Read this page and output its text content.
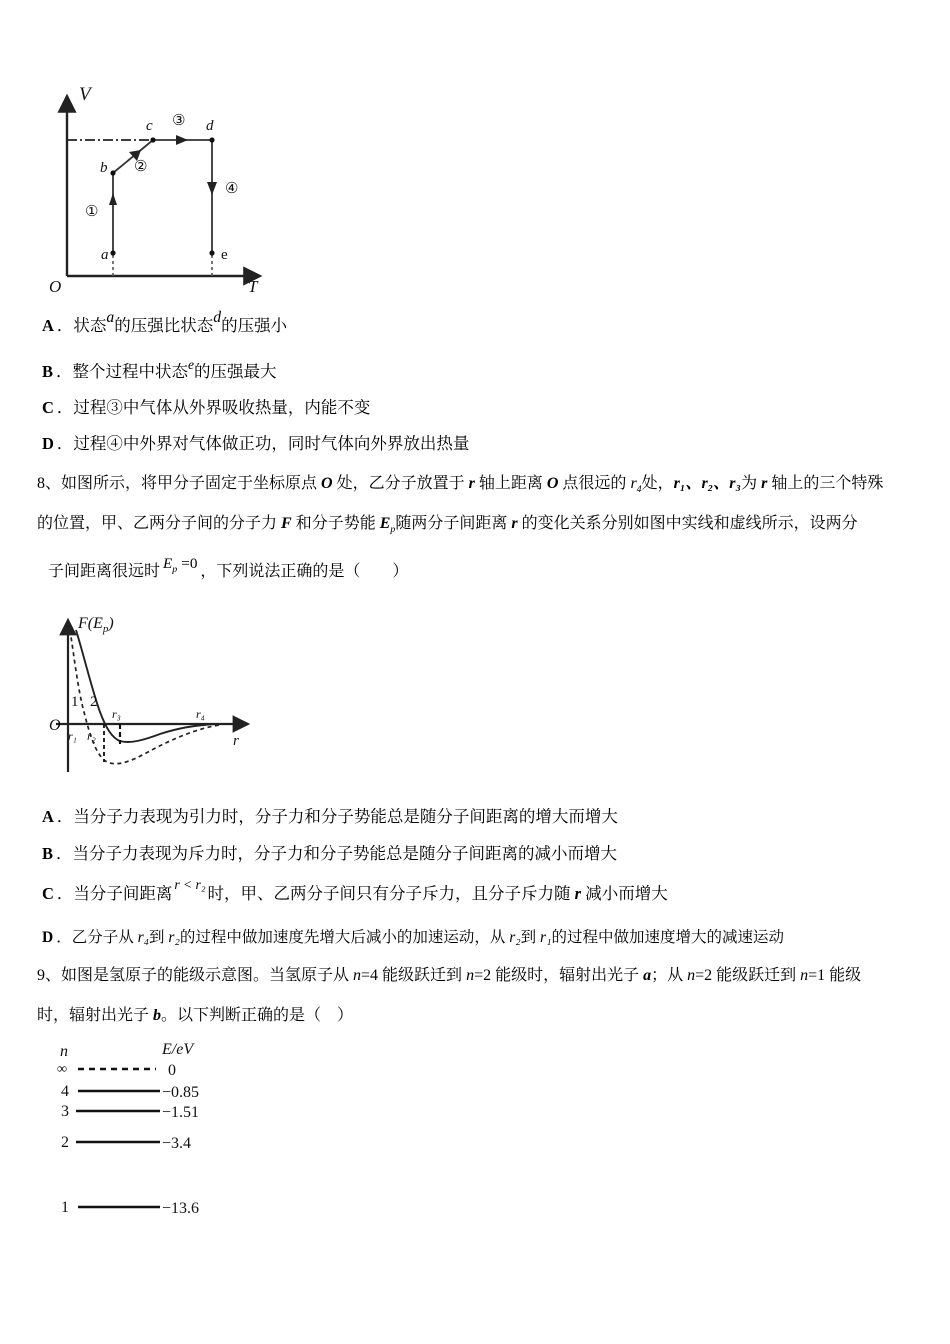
V
T
O
a
b
c	d
e
①
②
③
④
A ．状态a的压强比状态d的压强小
B ．整个过程中状态e的压强最大
C ．过程③中气体从外界吸收热量，内能不变
D ．过程④中外界对气体做正功，同时气体向外界放出热量
8、如图所示，将甲分子固定于坐标原点 O 处，乙分子放置于 r 轴上距离 O 点很远的 $r_4$处，r₁、r₂、r₃为 r 轴上的三个特殊
的位置，甲、乙两分子间的分子力 F 和分子势能 $E_p$随两分子间距离 r 的变化关系分别如图中实线和虚线所示，设两分
子间距离很远时 $E_p =0$ ，下列说法正确的是（　　）
$F(E_p)$
O
r
1 2
r₁ r₂
r₃	r₄
A ．当分子力表现为引力时，分子力和分子势能总是随分子间距离的增大而增大
B ．当分子力表现为斥力时，分子力和分子势能总是随分子间距离的减小而增大
C ．当分子间距离 r < r₂ 时，甲、乙两分子间只有分子斥力，且分子斥力随 r 减小而增大
D ．乙分子从 r₄到 r₂的过程中做加速度先增大后减小的加速运动，从 r₂到 r₁的过程中做加速度增大的减速运动
9、如图是氢原子的能级示意图。当氢原子从 n=4 能级跃迁到 n=2 能级时，辐射出光子 a；从 n=2 能级跃迁到 n=1 能级
时，辐射出光子 b。以下判断正确的是（　）
n	E/eV
∞	0
4	−0.85
3	−1.51
2	−3.4
1	−13.6
